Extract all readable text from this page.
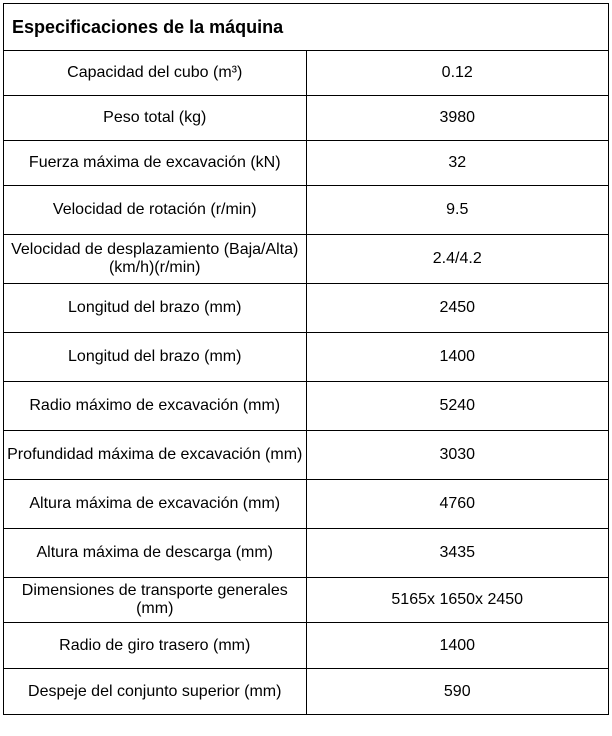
Especificaciones de la máquina	
Capacidad del cubo (m³)	0.12
Peso total (kg)	3980
Fuerza máxima de excavación (kN)	32
Velocidad de rotación (r/min)	9.5
Velocidad de desplazamiento (Baja/Alta) (km/h)(r/min)	2.4/4.2
Longitud del brazo (mm)	2450
Longitud del brazo (mm)	1400
Radio máximo de excavación (mm)	5240
Profundidad máxima de excavación (mm)	3030
Altura máxima de excavación (mm)	4760
Altura máxima de descarga (mm)	3435
Dimensiones de transporte generales (mm)	5165x 1650x 2450
Radio de giro trasero (mm)	1400
Despeje del conjunto superior (mm)	590
